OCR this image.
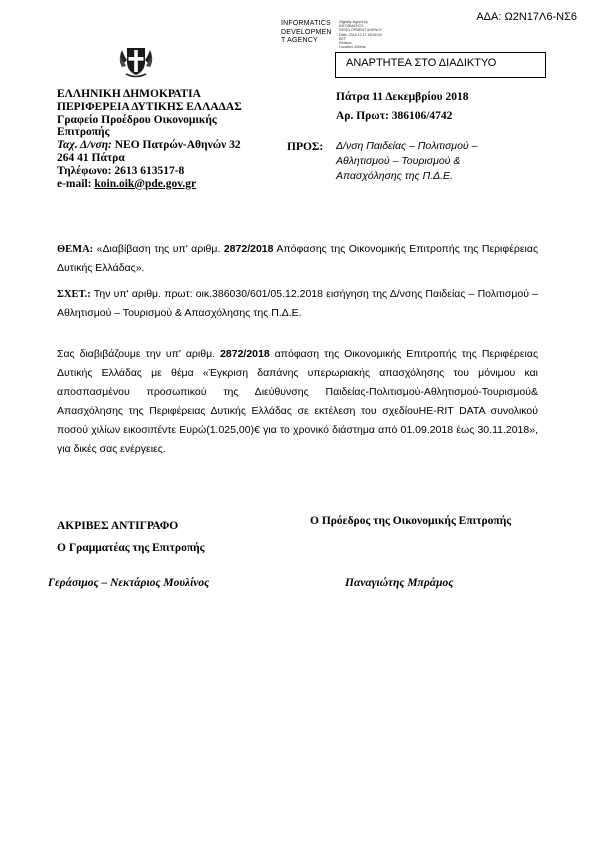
ΑΔΑ: Ω2Ν17Λ6-ΝΣ6
INFORMATICS
DEVELOPMEN
T AGENCY
Digitally signed by
INFORMATICS
DEVELOPMENT AGENCY
Date: 2018.12.17 16:06:09
EET
Reason:
Location: Athens
ΑΝΑΡΤΗΤΕΑ ΣΤΟ ΔΙΑΔΙΚΤΥΟ
ΕΛΛΗΝΙΚΗ ΔΗΜΟΚΡΑΤΙΑ
ΠΕΡΙΦΕΡΕΙΑ ΔΥΤΙΚΗΣ ΕΛΛΑΔΑΣ
Γραφείο Προέδρου Οικονομικής
Επιτροπής
Ταχ. Δ/νση: ΝΕΟ Πατρών-Αθηνών 32
264 41 Πάτρα
Τηλέφωνο: 2613 613517-8
e-mail: koin.oik@pde.gov.gr
Πάτρα 11 Δεκεμβρίου 2018
Αρ. Πρωτ: 386106/4742
ΠΡΟΣ: Δ/νση Παιδείας – Πολιτισμού –
Αθλητισμού – Τουρισμού &
Απασχόλησης της Π.Δ.Ε.
ΘΕΜΑ: «Διαβίβαση της υπ' αριθμ. 2872/2018 Απόφασης της Οικονομικής Επιτροπής της Περιφέρειας Δυτικής Ελλάδας».
ΣΧΕΤ.: Την υπ' αριθμ. πρωτ: οικ.386030/601/05.12.2018 εισήγηση της Δ/νσης Παιδείας – Πολιτισμού – Αθλητισμού – Τουρισμού & Απασχόλησης της Π.Δ.Ε.
Σας διαβιβάζουμε την υπ' αριθμ. 2872/2018 απόφαση της Οικονομικής Επιτροπής της Περιφέρειας Δυτικής Ελλάδας με θέμα «Έγκριση δαπάνης υπερωριακής απασχόλησης του μόνιμου και αποσπασμένου προσωπικού της Διεύθυνσης Παιδείας-Πολιτισμού-Αθλητισμού-Τουρισμού& Απασχόλησης της Περιφέρειας Δυτικής Ελλάδας σε εκτέλεση του σχεδίουHE-RIT DATA συνολικού ποσού χιλίων εικοσιπέντε Ευρώ(1.025,00)€ για το χρονικό διάστημα από 01.09.2018 έως 30.11.2018», για δικές σας ενέργειες.
ΑΚΡΙΒΕΣ ΑΝΤΙΓΡΑΦΟ
Ο Γραμματέας της Επιτροπής
Ο Πρόεδρος της Οικονομικής Επιτροπής
Γεράσιμος – Νεκτάριος Μουλίνος	Παναγιώτης Μπράμος
